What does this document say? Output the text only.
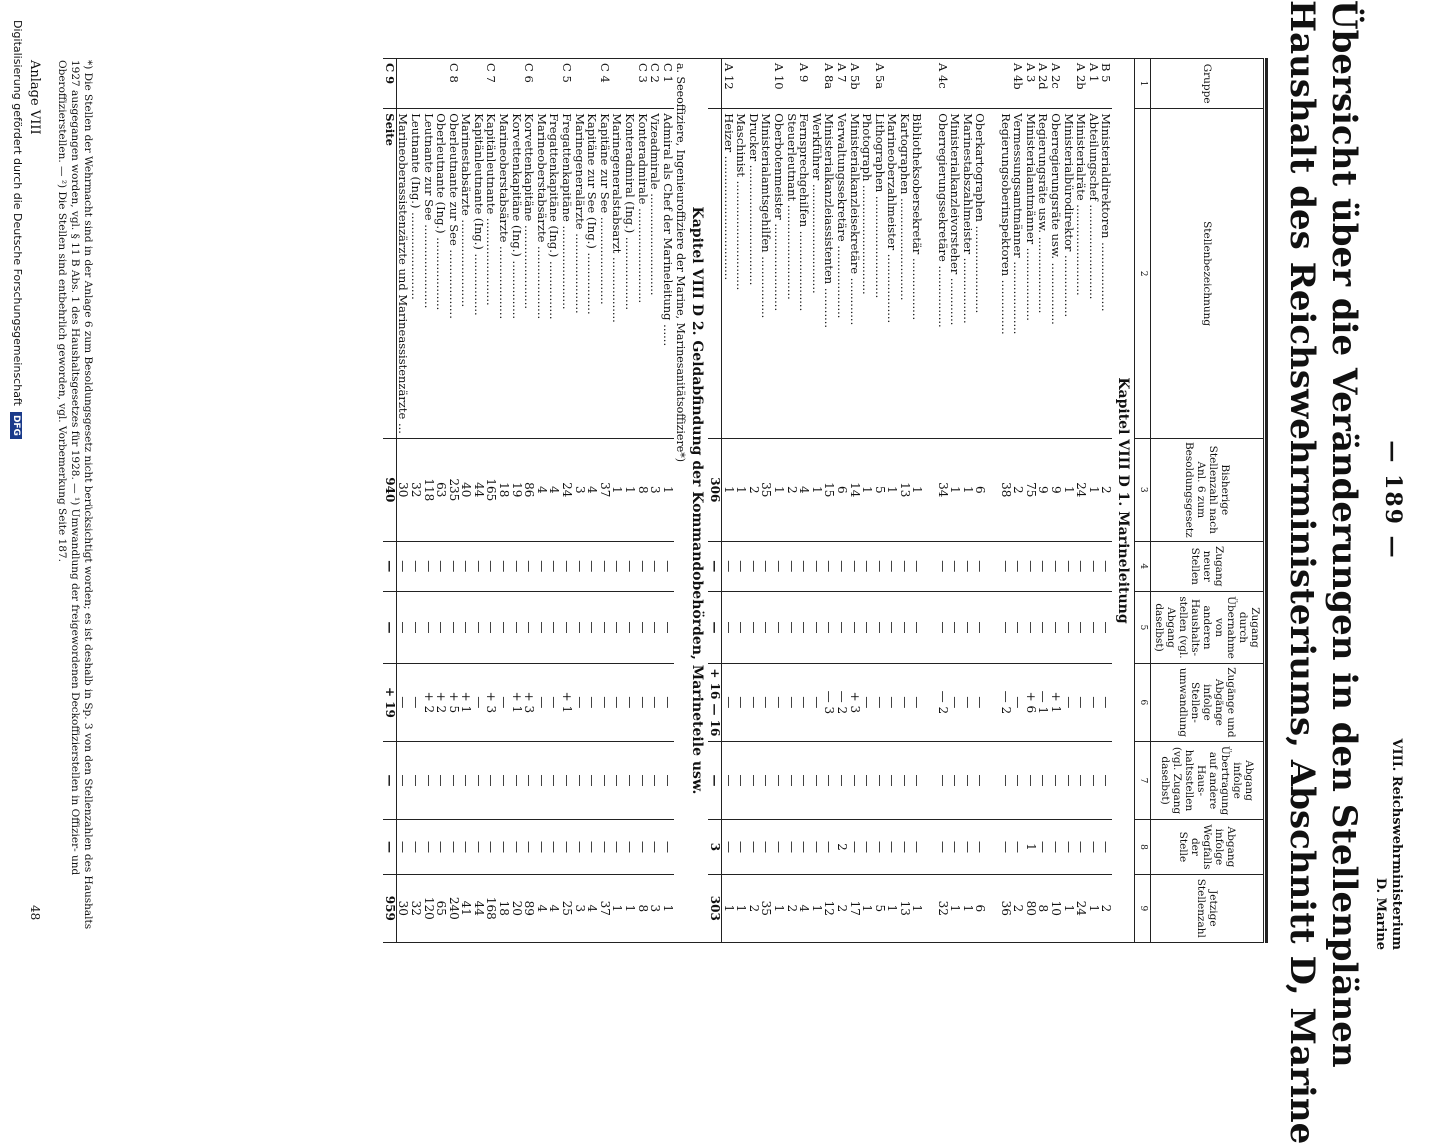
— 189 —
VIII. Reichswehrministerium
D. Marine
Übersicht über die Veränderungen in den Stellenplänen
Haushalt des Reichswehrministeriums, Abschnitt D, Marine
Gruppe	Stellenbezeichnung	Bisherige Stellenzahl nach Anl. 6 zum Besoldungsgesetz	Zugang neuer Stellen	Zugang durch Übernahme von anderen Haushalts-stellen (vgl. Abgang daselbst)	Zugänge und Abgänge infolge Stellen-umwandlung	Abgang infolge Übertragung auf andere Haus-haltsstellen (vgl. Zugang daselbst)	Abgang infolge Wegfalls der Stelle	Jetzige Stellenzahl
1	2	3	4	5	6	7	8	9
Kapitel VIII D 1. Marineleitung								
B 5	Ministerialdirektoren ...................	2	—	—	—	—	—	2
A 1	Abteilungschef ..........................	1	—	—	—	—	—	1
A 2b	Ministerialräte .........................	24	—	—	—	—	—	24
	Ministerialbürodirektor .................	1	—	—	—	—	—	1
A 2c	Oberregierungsräte usw. .................	9	—	—	+ 1	—	—	10
A 2d	Regierungsräte usw. .....................	9	—	—	— 1	—	—	8
A 3	Ministerialamtmänner ....................	75	—	—	+ 6	—	1	80
A 4b	Vermessungsamtmänner ....................	2	—	—	—	—	—	2
	Regierungsoberinspektoren ...............	38	—	—	— 2	—	—	36

	Oberkartographen ........................	6	—	—	—	—	—	6
	Marinestabszahlmeister ..................	1	—	—	—	—	—	1
	Ministerialkanzleivorsteher .............	1	—	—	—	—	—	1
A 4c	Oberregierungssekretäre .................	34	—	—	— 2	—	—	32

	Bibliotheksobersekretär .................	1	—	—	—	—	—	1
	Kartographen ............................	13	—	—	—	—	—	13
	Marineoberzahlmeister ...................	1	—	—	—	—	—	1
A 5a	Lithographen ............................	5	—	—	—	—	—	5
	Photograph ..............................	1	—	—	—	—	—	1
A 5b	Ministerialkanzleisekretäre .............	14	—	—	+ 3	—	—	17
A 7	Verwaltungssekretäre ....................	6	—	—	— 2	—	2	2
A 8a	Ministerialkanzleiassistenten ...........	15	—	—	— 3	—	—	12
	Werkführer ..............................	1	—	—	—	—	—	1
A 9	Fernsprechgehilfen ......................	4	—	—	—	—	—	4
	Steuerleutnant ..........................	2	—	—	—	—	—	2
A 10	Oberbotenmeister ........................	1	—	—	—	—	—	1
	Ministerialamtsgehilfen .................	35	—	—	—	—	—	35
	Drucker .................................	2	—	—	—	—	—	2
	Maschinist ..............................	1	—	—	—	—	—	1
A 12	Heizer ..................................	1	—	—	—	—	—	1
		306	—	—	+ 16 — 16	—	3	303
Kapitel VIII D 2. Geldabfindung der Kommandobehörden, Marineteile usw.								
a. Seeoffiziere, Ingenieuroffiziere der Marine, Marinesanitätsoffiziere*)								
C 1	Admiral als Chef der Marineleitung ......	1	—	—	—	—	—	1
C 2	Vizeadmirale ............................	3	—	—	—	—	—	3
C 3	Konteradmirale ..........................	8	—	—	—	—	—	8
	Konteradmiral (Ing.) ....................	1	—	—	—	—	—	1
	Marinegeneralstabsarzt ..................	1	—	—	—	—	—	1
C 4	Kapitäne zur See ........................	37	—	—	—	—	—	37
	Kapitäne zur See (Ing.) .................	4	—	—	—	—	—	4
	Marinegeneralärzte ......................	3	—	—	—	—	—	3
C 5	Fregattenkapitäne .......................	24	—	—	+ 1	—	—	25
	Fregattenkapitäne (Ing.) ................	4	—	—	—	—	—	4
	Marineoberstabsärzte ....................	4	—	—	—	—	—	4
C 6	Korvettenkapitäne .......................	86	—	—	+ 3	—	—	89
	Korvettenkapitäne (Ing.) ................	19	—	—	+ 1	—	—	20
	Marineoberstabsärzte ....................	18	—	—	—	—	—	18
C 7	Kapitänleutnante ........................	165	—	—	+ 3	—	—	168
	Kapitänleutnante (Ing.) .................	44	—	—	—	—	—	44
	Marinestabsärzte ........................	40	—	—	+ 1	—	—	41
C 8	Oberleutnante zur See ...................	235	—	—	+ 5	—	—	240
	Oberleutnante (Ing.) ....................	63	—	—	+ 2	—	—	65
	Leutnante zur See .......................	118	—	—	+ 2	—	—	120
	Leutnante (Ing.) ........................	32	—	—	—	—	—	32
	Marineoberassistenzärzte und Marineassistenzärzte ...	30	—	—	—	—	—	30
C 9	Seite	940	—	—	+ 19	—	—	959
*) Die Stellen der Wehrmacht sind in der Anlage 6 zum Besoldungsgesetz nicht berücksichtigt worden; es ist deshalb in Sp. 3 von den Stellenzahlen des Haushalts 1927 ausgegangen worden, vgl. § 11 B Abs. 1 des Haushaltsgesetzes für 1928. — ¹) Umwandlung der freigewordenen Deckoffizierstellen in Offizier- und Oberoffizierstellen. — ²) Die Stellen sind entbehrlich geworden, vgl. Vorbemerkung Seite 187.
Anlage VIII
48
Digitalisierung gefördert durch die Deutsche ForschungsgemeinschaftDFG
